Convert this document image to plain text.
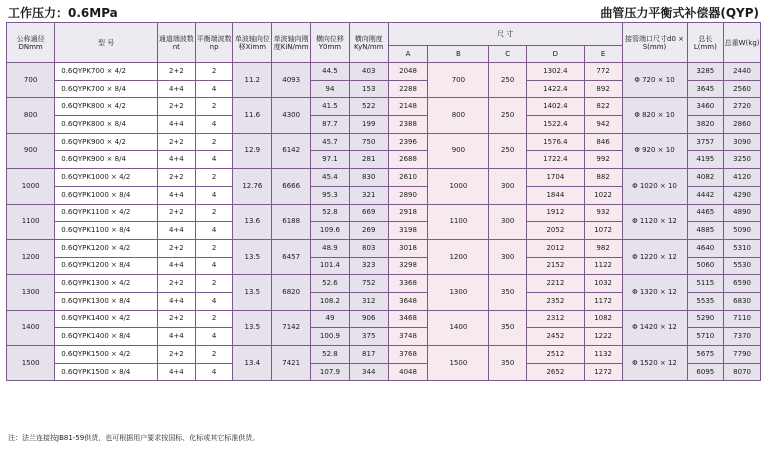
工作压力：0.6MPa	曲管压力平衡式补偿器(QYP)
公称通径DNmm	型 号	通道端波数nt	平衡端波数np	单波轴向位移Ximm	单波轴向刚度KiN/mm	横向位移Y0mm	横向刚度KyN/mm	尺 寸					接管端口尺寸d0 × S(mm)	总长L(mm)	总重W(kg)
								A	B	C	D	E			
700	0.6QYPK700 × 4/2	2+2	2	11.2	4093	44.5	403	2048	700	250	1302.4	772	Φ 720 × 10	3285	2440
	0.6QYPK700 × 8/4	4+4	4			94	153	2288			1422.4	892		3645	2560
800	0.6QYPK800 × 4/2	2+2	2	11.6	4300	41.5	522	2148	800	250	1402.4	822	Φ 820 × 10	3460	2720
	0.6QYPK800 × 8/4	4+4	4			87.7	199	2388			1522.4	942		3820	2860
900	0.6QYPK900 × 4/2	2+2	2	12.9	6142	45.7	750	2396	900	250	1576.4	846	Φ 920 × 10	3757	3090
	0.6QYPK900 × 8/4	4+4	4			97.1	281	2688			1722.4	992		4195	3250
1000	0.6QYPK1000 × 4/2	2+2	2	12.76	6666	45.4	830	2610	1000	300	1704	882	Φ 1020 × 10	4082	4120
	0.6QYPK1000 × 8/4	4+4	4			95.3	321	2890			1844	1022		4442	4290
1100	0.6QYPK1100 × 4/2	2+2	2	13.6	6188	52.8	669	2918	1100	300	1912	932	Φ 1120 × 12	4465	4890
	0.6QYPK1100 × 8/4	4+4	4			109.6	269	3198			2052	1072		4885	5090
1200	0.6QYPK1200 × 4/2	2+2	2	13.5	6457	48.9	803	3018	1200	300	2012	982	Φ 1220 × 12	4640	5310
	0.6QYPK1200 × 8/4	4+4	4			101.4	323	3298			2152	1122		5060	5530
1300	0.6QYPK1300 × 4/2	2+2	2	13.5	6820	52.6	752	3368	1300	350	2212	1032	Φ 1320 × 12	5115	6590
	0.6QYPK1300 × 8/4	4+4	4			108.2	312	3648			2352	1172		5535	6830
1400	0.6QYPK1400 × 4/2	2+2	2	13.5	7142	49	906	3468	1400	350	2312	1082	Φ 1420 × 12	5290	7110
	0.6QYPK1400 × 8/4	4+4	4			100.9	375	3748			2452	1222		5710	7370
1500	0.6QYPK1500 × 4/2	2+2	2	13.4	7421	52.8	817	3768	1500	350	2512	1132	Φ 1520 × 12	5675	7790
	0.6QYPK1500 × 8/4	4+4	4			107.9	344	4048			2652	1272		6095	8070
注：法兰连接按JB81-59供货，也可根据用户要求按国标、化标或其它标准供货。
